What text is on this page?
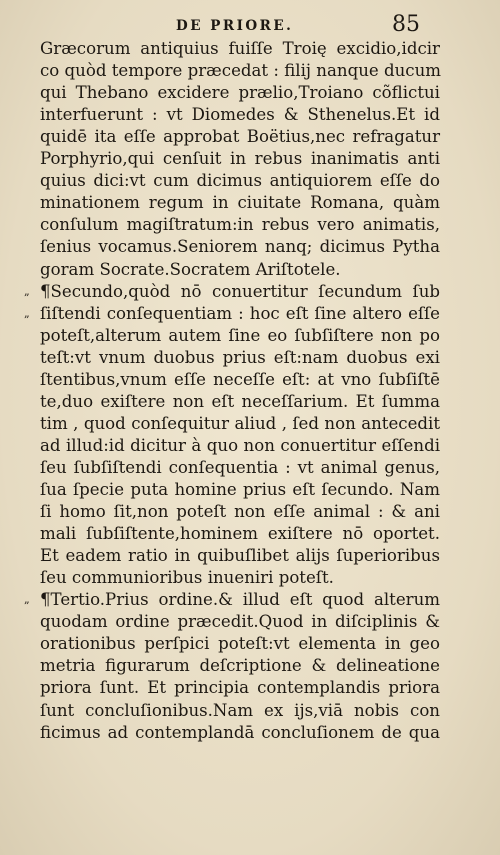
DE PRIORE.	85
Græcorum antiquius fuiſſe Troię excidio,idcir
co quòd tempore præcedat : filij nanque ducum
qui Thebano excidere prælio,Troiano cõflictui
interfuerunt : vt Diomedes & Sthenelus.Et id
quidē ita eſſe approbat Boëtius,nec refragatur
Porphyrio,qui cenſuit in rebus inanimatis anti
quius dici:vt cum dicimus antiquiorem eſſe do
minationem regum in ciuitate Romana, quàm
conſulum magiſtratum:in rebus vero animatis,
ſenius vocamus.Seniorem nanq; dicimus Pytha
goram Socrate.Socratem Ariſtotele.
¶Secundo,quòd nō conuertitur ſecundum ſub
ſiſtendi conſequentiam : hoc eſt ſine altero eſſe
poteſt,alterum autem ſine eo ſubſiſtere non po
teſt:vt vnum duobus prius eſt:nam duobus exi
ſtentibus,vnum eſſe neceſſe eſt: at vno ſubſiſtē
te,duo exiſtere non eſt neceſſarium. Et ſumma
tim , quod conſequitur aliud , ſed non antecedit
ad illud:id dicitur à quo non conuertitur eſſendi
ſeu ſubſiſtendi conſequentia : vt animal genus,
ſua ſpecie puta homine prius eſt ſecundo. Nam
ſi homo ſit,non poteſt non eſſe animal : & ani
mali ſubſiſtente,hominem exiſtere nō oportet.
Et eadem ratio in quibuſlibet alijs ſuperioribus
ſeu communioribus inueniri poteſt.
¶Tertio.Prius ordine.& illud eſt quod alterum
quodam ordine præcedit.Quod in diſciplinis &
orationibus perſpici poteſt:vt elementa in geo
metria figurarum deſcriptione & delineatione
priora ſunt. Et principia contemplandis priora
ſunt concluſionibus.Nam ex ijs,viā nobis con
ficimus ad contemplandā concluſionem de qua
„
„
„
